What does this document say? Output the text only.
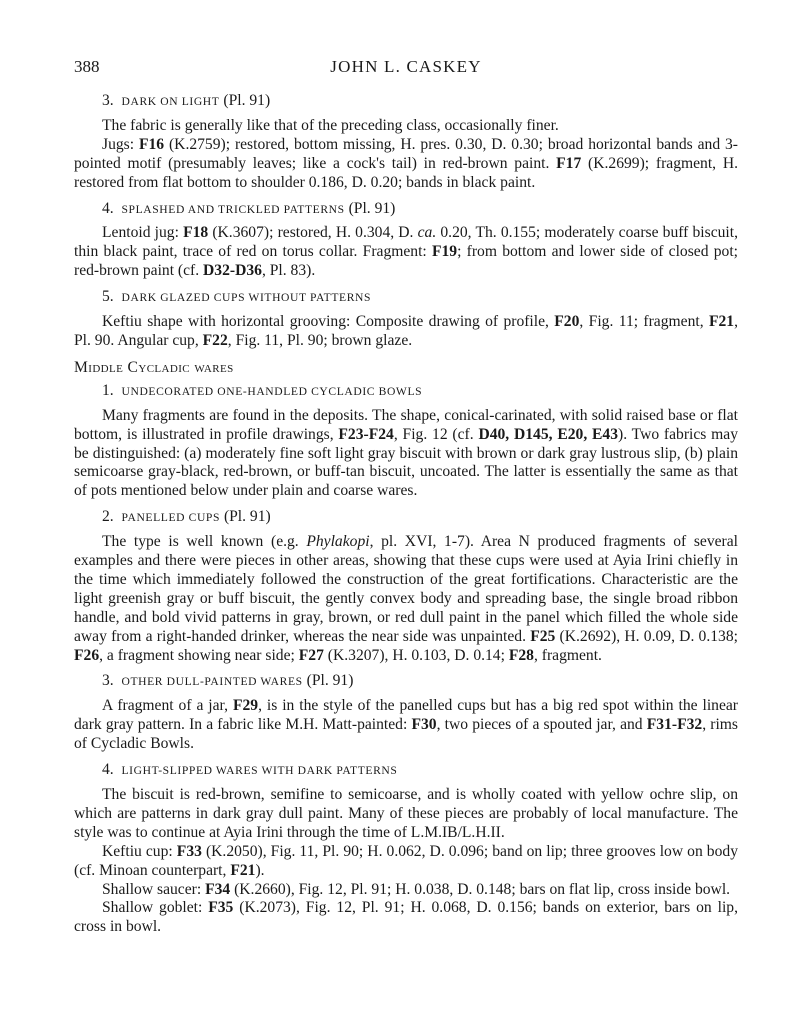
388	JOHN L. CASKEY
3. DARK ON LIGHT (Pl. 91)

The fabric is generally like that of the preceding class, occasionally finer.

Jugs: F16 (K.2759); restored, bottom missing, H. pres. 0.30, D. 0.30; broad horizontal bands and 3-pointed motif (presumably leaves; like a cock's tail) in red-brown paint. F17 (K.2699); fragment, H. restored from flat bottom to shoulder 0.186, D. 0.20; bands in black paint.

4. SPLASHED AND TRICKLED PATTERNS (Pl. 91)

Lentoid jug: F18 (K.3607); restored, H. 0.304, D. ca. 0.20, Th. 0.155; moderately coarse buff biscuit, thin black paint, trace of red on torus collar. Fragment: F19; from bottom and lower side of closed pot; red-brown paint (cf. D32-D36, Pl. 83).

5. DARK GLAZED CUPS WITHOUT PATTERNS

Keftiu shape with horizontal grooving: Composite drawing of profile, F20, Fig. 11; fragment, F21, Pl. 90. Angular cup, F22, Fig. 11, Pl. 90; brown glaze.

Middle Cycladic wares
1. UNDECORATED ONE-HANDLED CYCLADIC BOWLS

Many fragments are found in the deposits. The shape, conical-carinated, with solid raised base or flat bottom, is illustrated in profile drawings, F23-F24, Fig. 12 (cf. D40, D145, E20, E43). Two fabrics may be distinguished: (a) moderately fine soft light gray biscuit with brown or dark gray lustrous slip, (b) plain semicoarse gray-black, red-brown, or buff-tan biscuit, uncoated. The latter is essentially the same as that of pots mentioned below under plain and coarse wares.

2. PANELLED CUPS (Pl. 91)

The type is well known (e.g. Phylakopi, pl. XVI, 1-7). Area N produced fragments of several examples and there were pieces in other areas, showing that these cups were used at Ayia Irini chiefly in the time which immediately followed the construction of the great fortifications. Characteristic are the light greenish gray or buff biscuit, the gently convex body and spreading base, the single broad ribbon handle, and bold vivid patterns in gray, brown, or red dull paint in the panel which filled the whole side away from a right-handed drinker, whereas the near side was unpainted. F25 (K.2692), H. 0.09, D. 0.138; F26, a fragment showing near side; F27 (K.3207), H. 0.103, D. 0.14; F28, fragment.

3. OTHER DULL-PAINTED WARES (Pl. 91)

A fragment of a jar, F29, is in the style of the panelled cups but has a big red spot within the linear dark gray pattern. In a fabric like M.H. Matt-painted: F30, two pieces of a spouted jar, and F31-F32, rims of Cycladic Bowls.

4. LIGHT-SLIPPED WARES WITH DARK PATTERNS

The biscuit is red-brown, semifine to semicoarse, and is wholly coated with yellow ochre slip, on which are patterns in dark gray dull paint. Many of these pieces are probably of local manufacture. The style was to continue at Ayia Irini through the time of L.M.IB/L.H.II.

Keftiu cup: F33 (K.2050), Fig. 11, Pl. 90; H. 0.062, D. 0.096; band on lip; three grooves low on body (cf. Minoan counterpart, F21).

Shallow saucer: F34 (K.2660), Fig. 12, Pl. 91; H. 0.038, D. 0.148; bars on flat lip, cross inside bowl.

Shallow goblet: F35 (K.2073), Fig. 12, Pl. 91; H. 0.068, D. 0.156; bands on exterior, bars on lip, cross in bowl.
